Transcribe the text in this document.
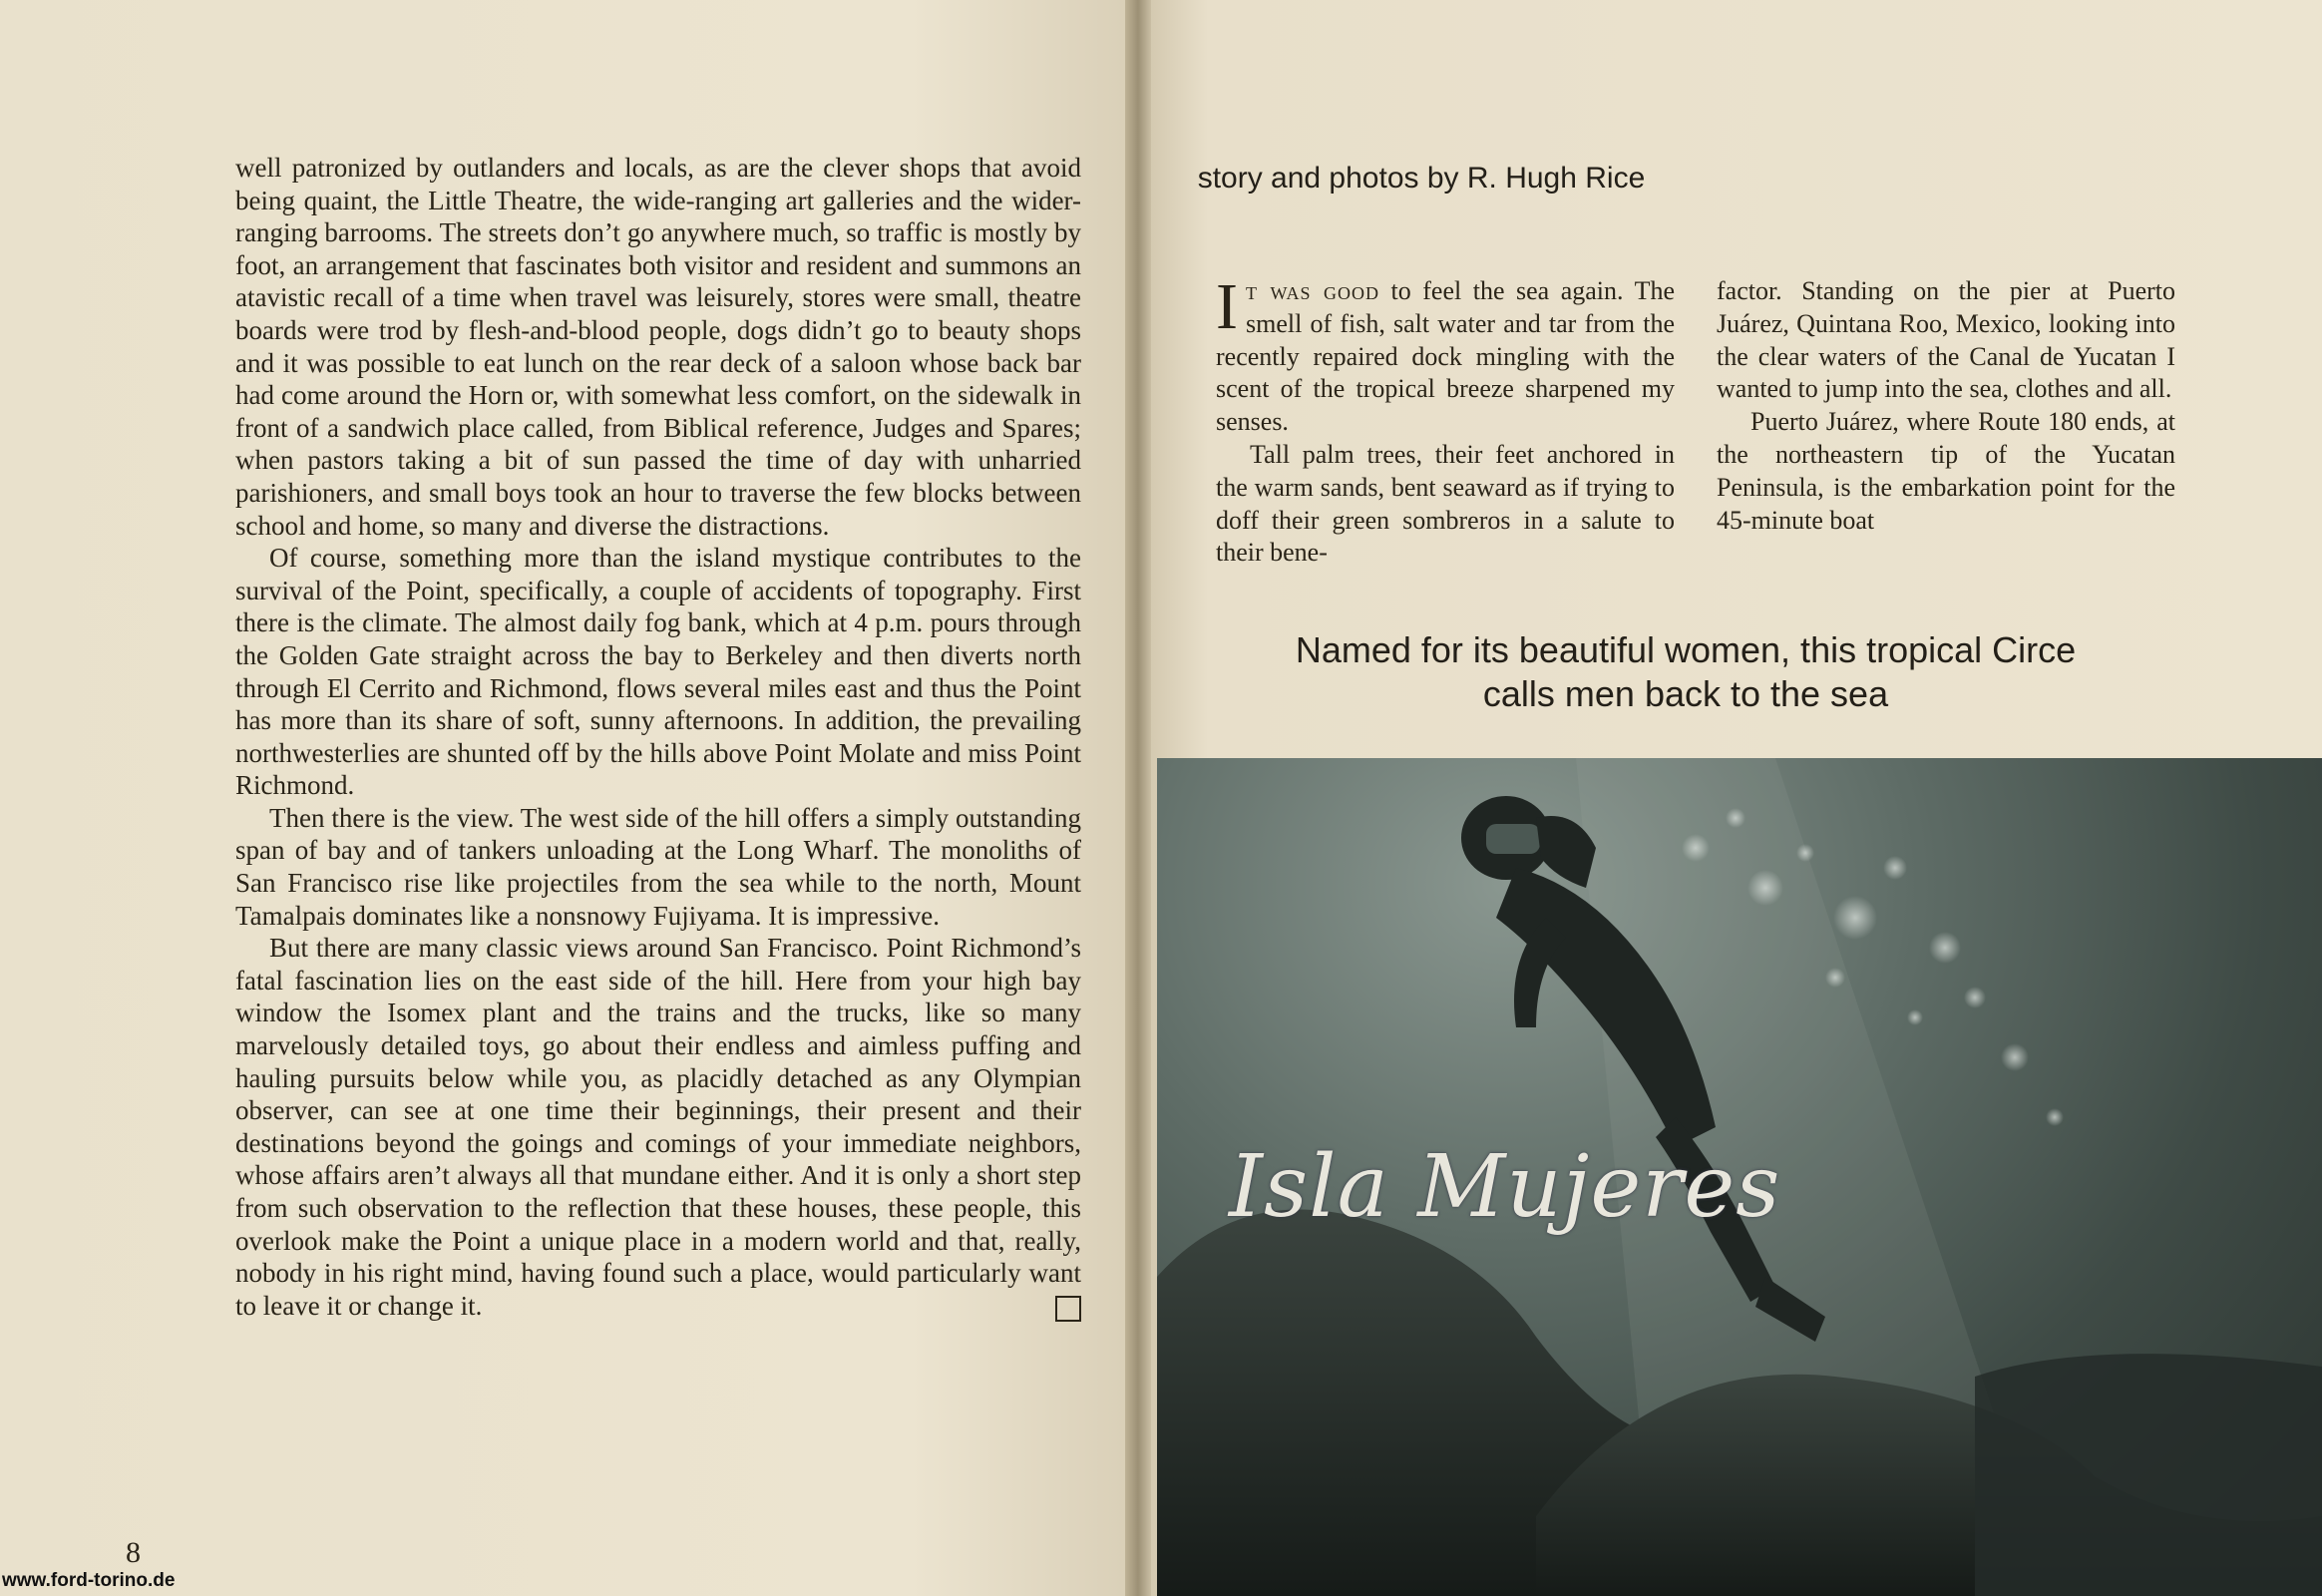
well patronized by outlanders and locals, as are the clever shops that avoid being quaint, the Little Theatre, the wide-ranging art galleries and the wider-ranging barrooms. The streets don’t go anywhere much, so traffic is mostly by foot, an arrangement that fascinates both visitor and resident and summons an atavistic recall of a time when travel was leisurely, stores were small, theatre boards were trod by flesh-and-blood people, dogs didn’t go to beauty shops and it was possible to eat lunch on the rear deck of a saloon whose back bar had come around the Horn or, with somewhat less comfort, on the sidewalk in front of a sandwich place called, from Biblical reference, Judges and Spares; when pastors taking a bit of sun passed the time of day with unharried parishioners, and small boys took an hour to traverse the few blocks between school and home, so many and diverse the distractions.

Of course, something more than the island mystique contributes to the survival of the Point, specifically, a couple of accidents of topography. First there is the climate. The almost daily fog bank, which at 4 p.m. pours through the Golden Gate straight across the bay to Berkeley and then diverts north through El Cerrito and Richmond, flows several miles east and thus the Point has more than its share of soft, sunny afternoons. In addition, the prevailing northwesterlies are shunted off by the hills above Point Molate and miss Point Richmond.

Then there is the view. The west side of the hill offers a simply outstanding span of bay and of tankers unloading at the Long Wharf. The monoliths of San Francisco rise like projectiles from the sea while to the north, Mount Tamalpais dominates like a nonsnowy Fujiyama. It is impressive.

But there are many classic views around San Francisco. Point Richmond’s fatal fascination lies on the east side of the hill. Here from your high bay window the Isomex plant and the trains and the trucks, like so many marvelously detailed toys, go about their endless and aimless puffing and hauling pursuits below while you, as placidly detached as any Olympian observer, can see at one time their beginnings, their present and their destinations beyond the goings and comings of your immediate neighbors, whose affairs aren’t always all that mundane either. And it is only a short step from such observation to the reflection that these houses, these people, this overlook make the Point a unique place in a modern world and that, really, nobody in his right mind, having found such a place, would particularly want to leave it or change it.

8
www.ford-torino.de
story and photos by R. Hugh Rice

It was good to feel the sea again. The smell of fish, salt water and tar from the recently repaired dock mingling with the scent of the tropical breeze sharpened my senses.

Tall palm trees, their feet anchored in the warm sands, bent seaward as if trying to doff their green sombreros in a salute to their bene-

factor. Standing on the pier at Puerto Juárez, Quintana Roo, Mexico, looking into the clear waters of the Canal de Yucatan I wanted to jump into the sea, clothes and all.

Puerto Juárez, where Route 180 ends, at the northeastern tip of the Yucatan Peninsula, is the embarkation point for the 45-minute boat

Named for its beautiful women, this tropical Circe
calls men back to the sea
Isla Mujeres
